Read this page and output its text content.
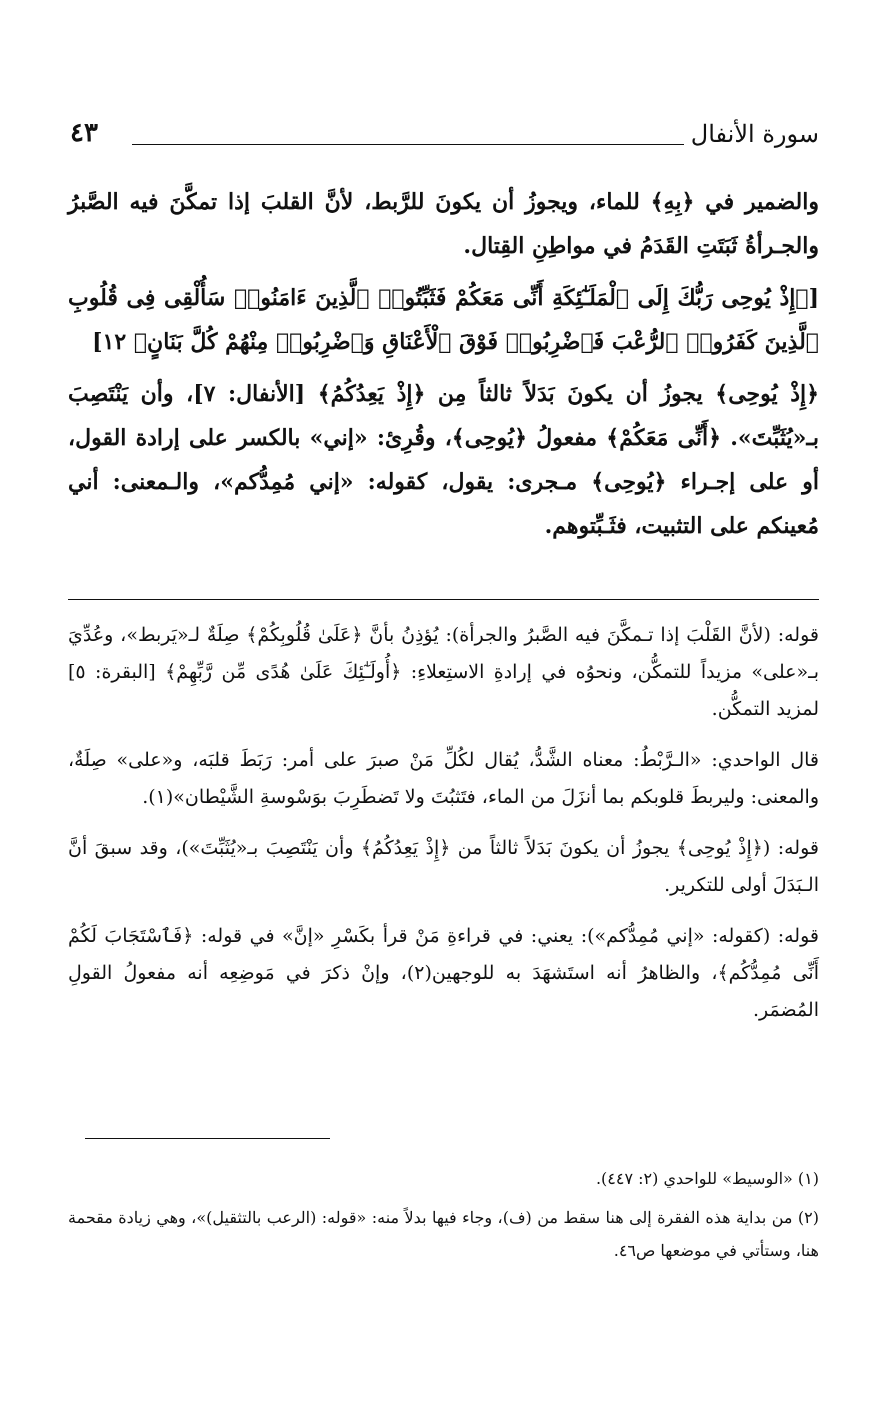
سورة الأنفال
٤٣

والضمير في ﴿بِهِ﴾ للماء، ويجوزُ أن يكونَ للرَّبط، لأنَّ القلبَ إذا تمكَّنَ فيه الصَّبرُ والجـرأةُ ثَبَتَتِ القَدَمُ في مواطِنِ القِتال.

[﴿إِذْ يُوحِى رَبُّكَ إِلَى ٱلْمَلَـٰٓئِكَةِ أَنِّى مَعَكُمْ فَثَبِّتُوا۟ ٱلَّذِينَ ءَامَنُوا۟ سَأُلْقِى فِى قُلُوبِ ٱلَّذِينَ كَفَرُوا۟ ٱلرُّعْبَ فَٱضْرِبُوا۟ فَوْقَ ٱلْأَعْنَاقِ وَٱضْرِبُوا۟ مِنْهُمْ كُلَّ بَنَانٍ﴾ ١٢]

﴿إِذْ يُوحِى﴾ يجوزُ أن يكونَ بَدَلاً ثالثاً مِن ﴿إِذْ يَعِدُكُمُ﴾ [الأنفال: ٧]، وأن يَنْتَصِبَ بـ«يُثَبِّتَ». ﴿أَنِّى مَعَكُمْ﴾ مفعولُ ﴿يُوحِى﴾، وقُرِئ: «إني» بالكسر على إرادة القول، أو على إجـراء ﴿يُوحِى﴾ مـجرى: يقول، كقوله: «إني مُمِدُّكم»، والـمعنى: أني مُعينكم على التثبيت، فثَـبِّتوهم.

قوله: (لأنَّ القَلْبَ إذا تـمكَّنَ فيه الصَّبرُ والجرأة): يُؤذِنُ بأنَّ ﴿عَلَىٰ قُلُوبِكُمْ﴾ صِلَةٌ لـ«يَربط»، وعُدِّيَ بـ«على» مزيداً للتمكُّن، ونحوُه في إرادةِ الاستِعلاءِ: ﴿أُولَـٰٓئِكَ عَلَىٰ هُدًى مِّن رَّبِّهِمْ﴾ [البقرة: ٥] لمزيد التمكُّن.

قال الواحدي: «الـرَّبْطُ: معناه الشَّدُّ، يُقال لكُلِّ مَنْ صبرَ على أمر: رَبَطَ قلبَه، و«على» صِلَةٌ، والمعنى: وليربطَ قلوبكم بما أنزَلَ من الماء، فتَثبُتَ ولا تَضطَرِبَ بوَسْوسةِ الشَّيْطان»(١).

قوله: (﴿إِذْ يُوحِى﴾ يجوزُ أن يكونَ بَدَلاً ثالثاً من ﴿إِذْ يَعِدُكُمُ﴾ وأن يَنْتَصِبَ بـ«يُثَبِّتَ»)، وقد سبقَ أنَّ الـبَدَلَ أولى للتكرير.

قوله: (كقوله: «إني مُمِدُّكم»): يعني: في قراءةِ مَنْ قرأ بكَسْرِ «إنَّ» في قوله: ﴿فَٱسْتَجَابَ لَكُمْ أَنِّى مُمِدُّكُم﴾، والظاهرُ أنه استَشهَدَ به للوجهين(٢)، وإنْ ذكرَ في مَوضِعِه أنه مفعولُ القولِ المُضمَر.

(١) «الوسيط» للواحدي (٢: ٤٤٧).

(٢) من بداية هذه الفقرة إلى هنا سقط من (ف)، وجاء فيها بدلاً منه: «قوله: (الرعب بالتثقيل)»، وهي زيادة مقحمة هنا، وستأتي في موضعها ص٤٦.
